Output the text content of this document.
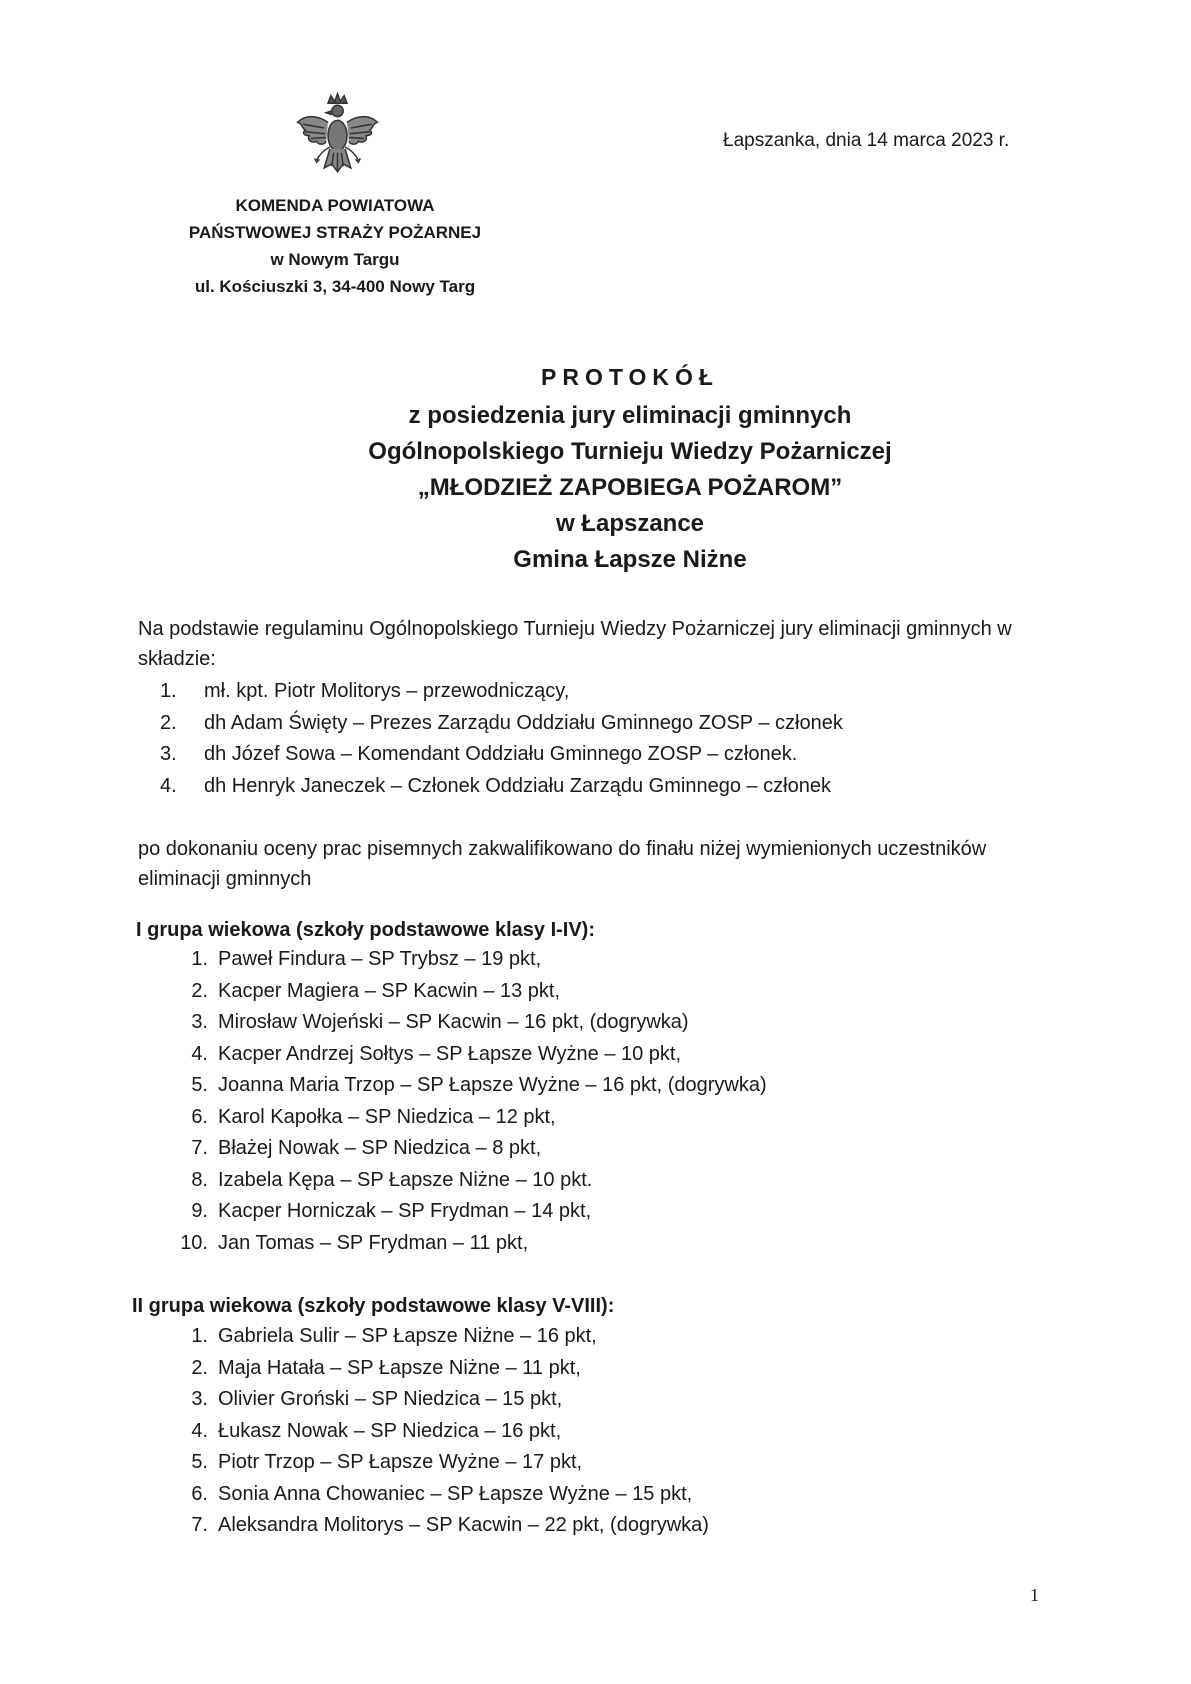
KOMENDA POWIATOWA
PAŃSTWOWEJ STRAŻY POŻARNEJ
w Nowym Targu
ul. Kościuszki 3, 34-400 Nowy Targ
Łapszanka, dnia 14 marca 2023 r.
PROTOKÓŁ
z posiedzenia jury eliminacji gminnych
Ogólnopolskiego Turnieju Wiedzy Pożarniczej
„MŁODZIEŻ ZAPOBIEGA POŻAROM”
w Łapszance
Gmina Łapsze Niżne
Na podstawie regulaminu Ogólnopolskiego Turnieju Wiedzy Pożarniczej jury eliminacji gminnych w składzie:
1.	mł. kpt. Piotr Molitorys – przewodniczący,
2.	dh Adam Święty – Prezes Zarządu Oddziału Gminnego ZOSP – członek
3.	dh Józef Sowa – Komendant Oddziału Gminnego ZOSP – członek.
4.	dh Henryk Janeczek – Członek Oddziału Zarządu Gminnego – członek
po dokonaniu oceny prac pisemnych zakwalifikowano do finału niżej wymienionych uczestników eliminacji gminnych
I grupa wiekowa (szkoły podstawowe klasy I-IV):
1. Paweł Findura – SP Trybsz – 19 pkt,
2. Kacper Magiera – SP Kacwin – 13 pkt,
3. Mirosław Wojeński – SP Kacwin – 16 pkt, (dogrywka)
4. Kacper Andrzej Sołtys – SP Łapsze Wyżne – 10 pkt,
5. Joanna Maria Trzop – SP Łapsze Wyżne – 16 pkt, (dogrywka)
6. Karol Kapołka – SP Niedzica – 12 pkt,
7. Błażej Nowak – SP Niedzica – 8 pkt,
8. Izabela Kępa – SP Łapsze Niżne – 10 pkt.
9. Kacper Horniczak – SP Frydman – 14 pkt,
10. Jan Tomas – SP Frydman – 11 pkt,
II grupa wiekowa (szkoły podstawowe klasy V-VIII):
1. Gabriela Sulir – SP Łapsze Niżne – 16 pkt,
2. Maja Hatała – SP Łapsze Niżne – 11 pkt,
3. Olivier Groński – SP Niedzica – 15 pkt,
4. Łukasz Nowak – SP Niedzica – 16 pkt,
5. Piotr Trzop – SP Łapsze Wyżne – 17 pkt,
6. Sonia Anna Chowaniec – SP Łapsze Wyżne – 15 pkt,
7. Aleksandra Molitorys – SP Kacwin – 22 pkt, (dogrywka)
1
